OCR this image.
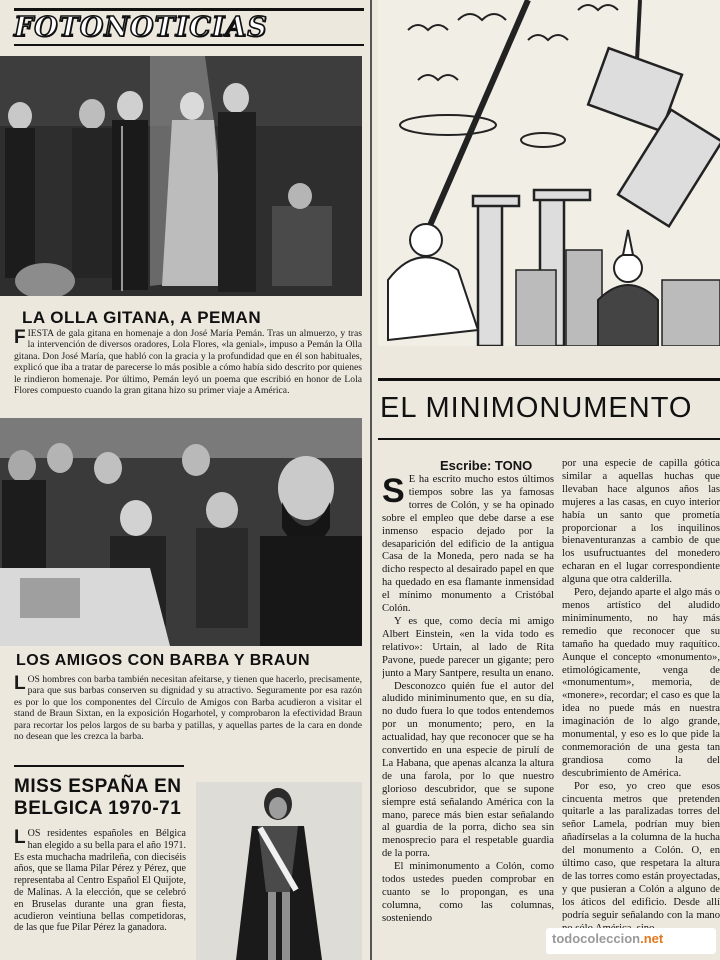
FOTONOTICIAS
LA OLLA GITANA, A PEMAN
FIESTA de gala gitana en homenaje a don José María Pemán. Tras un almuerzo, y tras la intervención de diversos oradores, Lola Flores, «la genial», impuso a Pemán la Olla gitana. Don José María, que habló con la gracia y la profundidad que en él son habituales, explicó que iba a tratar de parecerse lo más posible a cómo había sido descrito por quienes le rindieron homenaje. Por último, Pemán leyó un poema que escribió en honor de Lola Flores compuesto cuando la gran gitana hizo su primer viaje a América.
LOS AMIGOS CON BARBA Y BRAUN
LOS hombres con barba también necesitan afeitarse, y tienen que hacerlo, precisamente, para que sus barbas conserven su dignidad y su atractivo. Seguramente por esa razón es por lo que los componentes del Círculo de Amigos con Barba acudieron a visitar el stand de Braun Sixtan, en la exposición Hogarhotel, y comprobaron la efectividad Braun para recortar los pelos largos de su barba y patillas, y aquellas partes de la cara en donde no desean que les crezca la barba.
MISS ESPAÑA EN
BELGICA 1970-71
LOS residentes españoles en Bélgica han elegido a su bella para el año 1971. Es esta muchacha madrileña, con dieciséis años, que se llama Pilar Pérez y Pérez, que representaba al Centro Español El Quijote, de Malinas. A la elección, que se celebró en Bruselas durante una gran fiesta, acudieron veintiuna bellas competidoras, de las que fue Pilar Pérez la ganadora.
EL MINIMONUMENTO
Escribe: TONO

S E ha escrito mucho estos últimos tiempos sobre las ya famosas torres de Colón, y se ha opinado sobre el empleo que debe darse a ese inmenso espacio dejado por la desaparición del edificio de la antigua Casa de la Moneda, pero nada se ha dicho respecto al desairado papel en que ha quedado en esa flamante inmensidad el mínimo monumento a Cristóbal Colón.

Y es que, como decía mi amigo Albert Einstein, «en la vida todo es relativo»: Urtain, al lado de Rita Pavone, puede parecer un gigante; pero junto a Mary Santpere, resulta un enano.

Desconozco quién fue el autor del aludido miniminumento que, en su día, no dudo fuera lo que todos entendemos por un monumento; pero, en la actualidad, hay que reconocer que se ha convertido en una especie de pirulí de La Habana, que apenas alcanza la altura de una farola, por lo que nuestro glorioso descubridor, que se supone siempre está señalando América con la mano, parece más bien estar señalando al guardia de la porra, dicho sea sin menosprecio para el respetable guardia de la porra.

El minimonumento a Colón, como todos ustedes pueden comprobar en cuanto se lo propongan, es una columna, como las columnas, sosteniendo

por una especie de capilla gótica similar a aquellas huchas que llevaban hace algunos años las mujeres a las casas, en cuyo interior había un santo que prometía proporcionar a los inquilinos bienaventuranzas a cambio de que los usufructuantes del monedero echaran en el lugar correspondiente alguna que otra calderilla.

Pero, dejando aparte el algo más o menos artístico del aludido miniminumento, no hay más remedio que reconocer que su tamaño ha quedado muy raquítico. Aunque el concepto «monumento», etimológicamente, venga de «monumentum», memoria, de «monere», recordar; el caso es que la idea no puede más en nuestra imaginación de lo algo grande, monumental, y eso es lo que pide la conmemoración de una gesta tan grandiosa como la del descubrimiento de América.

Por eso, yo creo que esos cincuenta metros que pretenden quitarle a las paralizadas torres del señor Lamela, podrían muy bien añadírselas a la columna de la hucha del monumento a Colón. O, en último caso, que respetara la altura de las torres como están proyectadas, y que pusieran a Colón a alguno de los áticos del edificio. Desde allí podría seguir señalando con la mano

todocoleccion.net
